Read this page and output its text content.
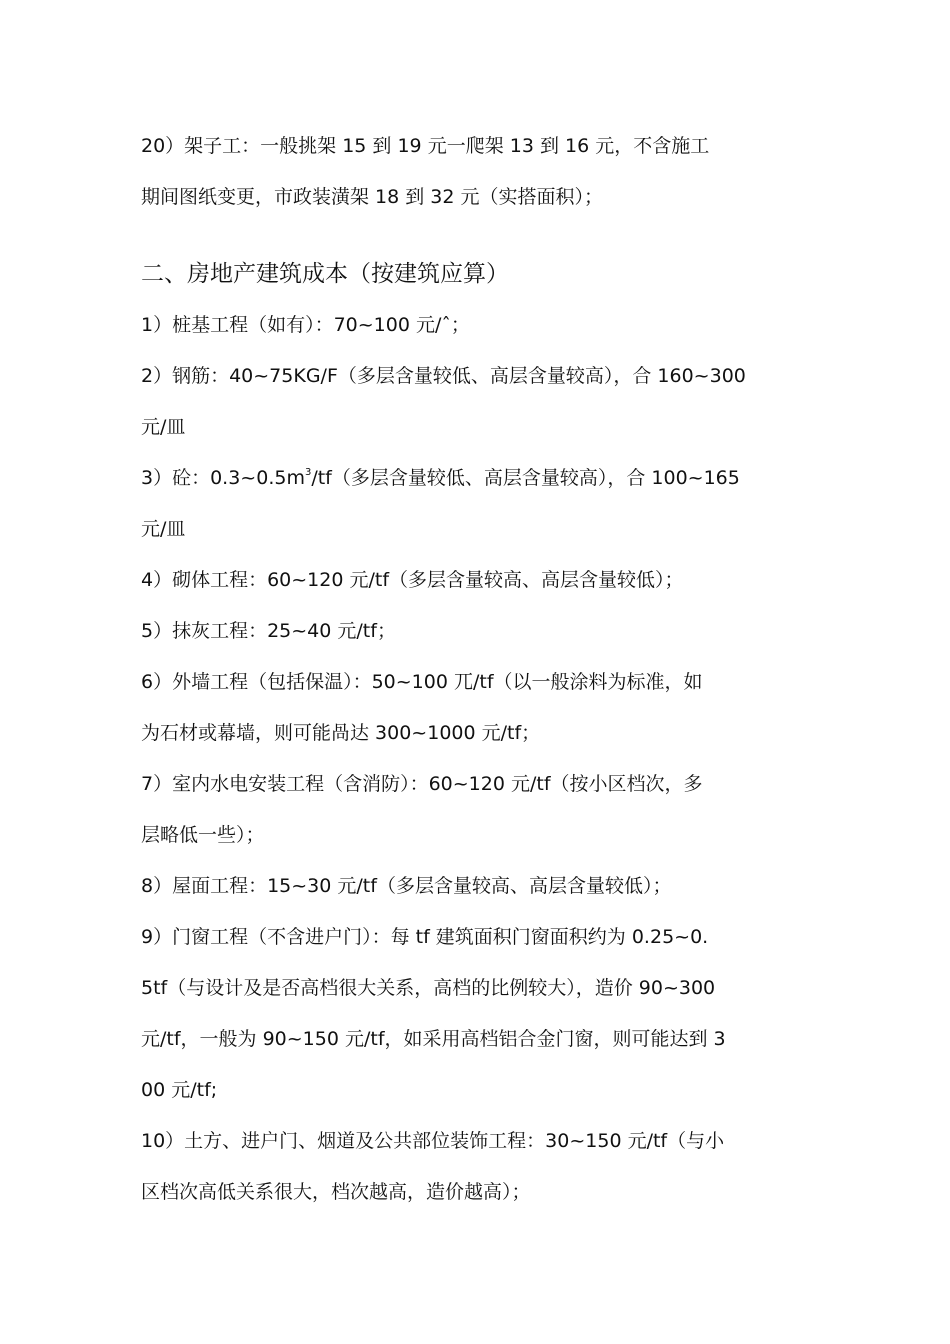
20）架子工：一般挑架 15 到 19 元一爬架 13 到 16 元，不含施工
期间图纸变更，市政装潢架 18 到 32 元（实搭面积）；

二、房地产建筑成本（按建筑应算）

1）桩基工程（如有）：70~100 元/ˆ；

2）钢筋：40~75KG/F（多层含量较低、高层含量较高），合 160~300
元/皿

3）砼：$0.3\sim 0.5m^3/tf$（多层含量较低、高层含量较高），合 100~165
元/皿

4）砌体工程：60~120 元/tf（多层含量较高、高层含量较低）；

5）抹灰工程：25~40 元/tf；

6）外墙工程（包括保温）：50~100 兀/tf（以一般涂料为标准，如
为石材或幕墙，则可能咼达 300~1000 元/tf；

7）室内水电安装工程（含消防）：60~120 元/tf（按小区档次，多
层略低一些）；

8）屋面工程：15~30 元/tf（多层含量较高、高层含量较低）；

9）门窗工程（不含进户门）：每 tf 建筑面积门窗面积约为 0.25~0.
5tf（与设计及是否高档很大关系，高档的比例较大），造价 90~300
元/tf，一般为 90~150 元/tf，如采用高档铝合金门窗，则可能达到 3
00 元/tf;

10）土方、进户门、烟道及公共部位装饰工程：30~150 元/tf（与小
区档次高低关系很大，档次越高，造价越高）；
